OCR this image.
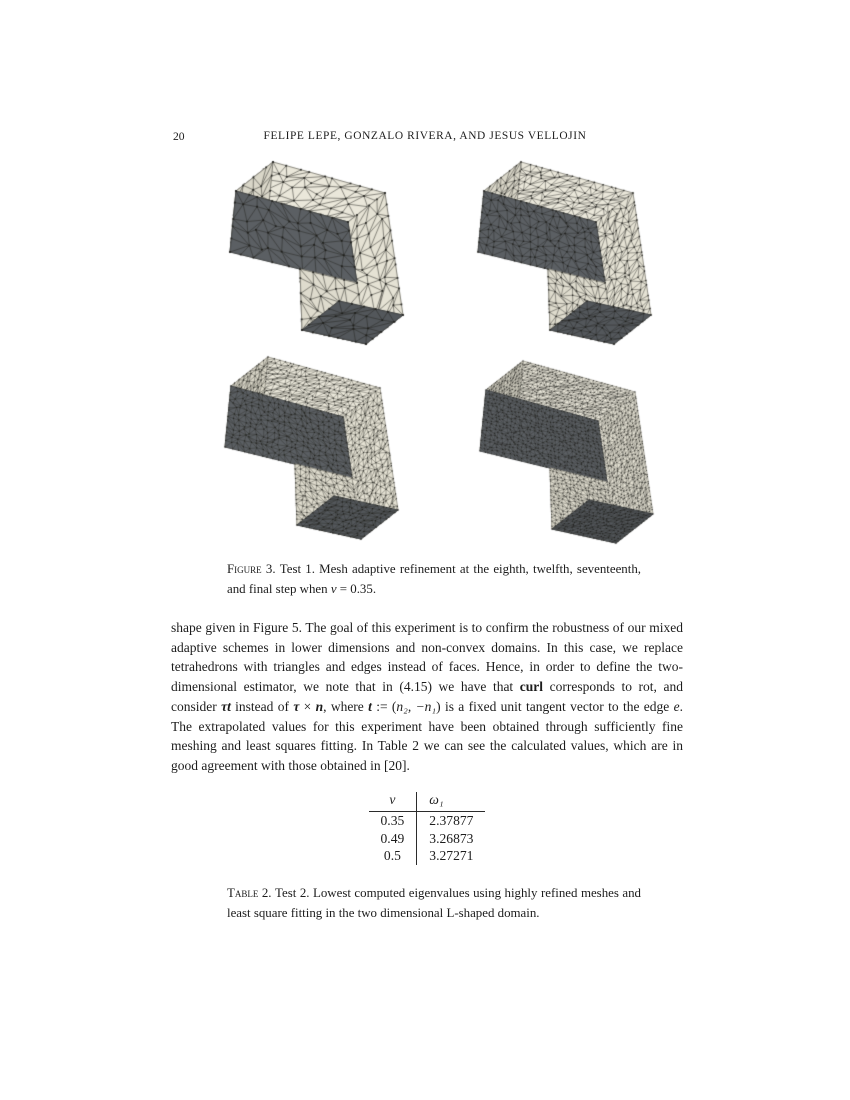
20	FELIPE LEPE, GONZALO RIVERA, AND JESUS VELLOJIN
Figure 3. Test 1. Mesh adaptive refinement at the eighth, twelfth, seventeenth, and final step when ν = 0.35.
shape given in Figure 5. The goal of this experiment is to confirm the robustness of our mixed adaptive schemes in lower dimensions and non-convex domains. In this case, we replace tetrahedrons with triangles and edges instead of faces. Hence, in order to define the two-dimensional estimator, we note that in (4.15) we have that curl corresponds to rot, and consider τt instead of τ × n, where t := (n₂, −n₁) is a fixed unit tangent vector to the edge e. The extrapolated values for this experiment have been obtained through sufficiently fine meshing and least squares fitting. In Table 2 we can see the calculated values, which are in good agreement with those obtained in [20].
ν	ω₁
0.35	2.37877
0.49	3.26873
0.5	3.27271
Table 2. Test 2. Lowest computed eigenvalues using highly refined meshes and least square fitting in the two dimensional L-shaped domain.
